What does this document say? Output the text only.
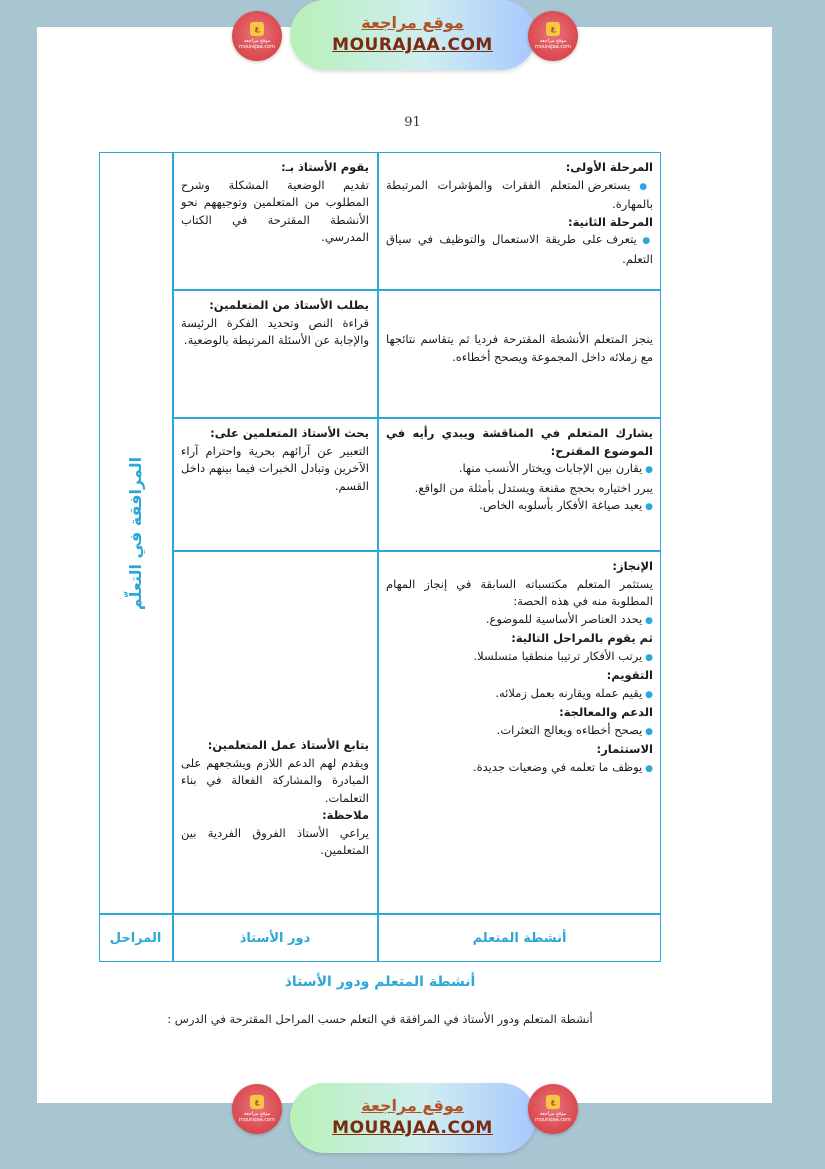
ع
موقع مراجعة
mourajaa.com
موقع مراجعة
MOURAJAA.COM
ع
موقع مراجعة
mourajaa.com
91
المرافقة في التعلّم

المرحلة الأولى:

● يستعرض المتعلم الفقرات والمؤشرات المرتبطة بالمهارة.

المرحلة الثانية:

● يتعرف على طريقة الاستعمال والتوظيف في سياق التعلم.

يقوم الأستاذ بـ:

تقديم الوضعية المشكلة وشرح المطلوب من المتعلمين وتوجيههم نحو الأنشطة المقترحة في الكتاب المدرسي.

ينجز المتعلم الأنشطة المقترحة فرديا ثم يتقاسم نتائجها مع زملائه داخل المجموعة ويصحح أخطاءه.

يطلب الأستاذ من المتعلمين:

قراءة النص وتحديد الفكرة الرئيسة والإجابة عن الأسئلة المرتبطة بالوضعية.

يشارك المتعلم في المناقشة ويبدي رأيه في الموضوع المقترح:

● يقارن بين الإجابات ويختار الأنسب منها.

يبرر اختياره بحجج مقنعة ويستدل بأمثلة من الواقع.

● يعيد صياغة الأفكار بأسلوبه الخاص.

يحث الأستاذ المتعلمين على:

التعبير عن آرائهم بحرية واحترام آراء الآخرين وتبادل الخبرات فيما بينهم داخل القسم.

الإنجاز:

يستثمر المتعلم مكتسباته السابقة في إنجاز المهام المطلوبة منه في هذه الحصة:

● يحدد العناصر الأساسية للموضوع.

ثم يقوم بالمراحل التالية:

● يرتب الأفكار ترتيبا منطقيا متسلسلا.

التقويم:

● يقيم عمله ويقارنه بعمل زملائه.

الدعم والمعالجة:

● يصحح أخطاءه ويعالج التعثرات.

الاستثمار:

● يوظف ما تعلمه في وضعيات جديدة.

يتابع الأستاذ عمل المتعلمين:

ويقدم لهم الدعم اللازم ويشجعهم على المبادرة والمشاركة الفعالة في بناء التعلمات.

ملاحظة:

يراعي الأستاذ الفروق الفردية بين المتعلمين.

أنشطة المتعلم
دور الأستاذ
المراحل
أنشطة المتعلم ودور الأستاذ
أنشطة المتعلم ودور الأستاذ في المرافقة في التعلم حسب المراحل المقترحة في الدرس :
ع
موقع مراجعة
mourajaa.com
موقع مراجعة
MOURAJAA.COM
ع
موقع مراجعة
mourajaa.com
